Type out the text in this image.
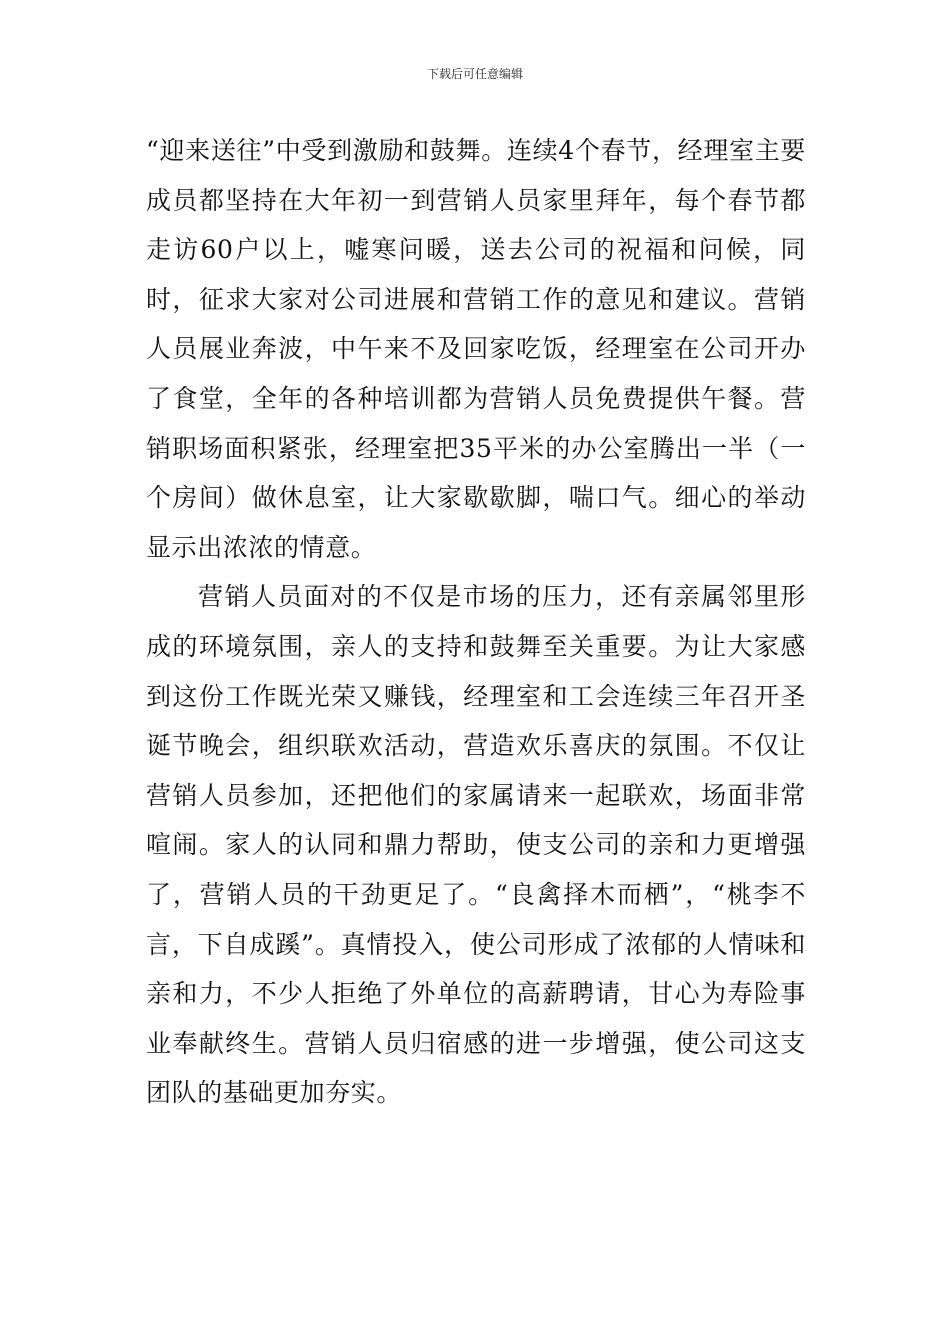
下载后可任意编辑

“迎来送往”中受到激励和鼓舞。连续4个春节，经理室主要成员都坚持在大年初一到营销人员家里拜年，每个春节都走访60户以上，嘘寒问暖，送去公司的祝福和问候，同时，征求大家对公司进展和营销工作的意见和建议。营销人员展业奔波，中午来不及回家吃饭，经理室在公司开办了食堂，全年的各种培训都为营销人员免费提供午餐。营销职场面积紧张，经理室把35平米的办公室腾出一半（一个房间）做休息室，让大家歇歇脚，喘口气。细心的举动显示出浓浓的情意。

营销人员面对的不仅是市场的压力，还有亲属邻里形成的环境氛围，亲人的支持和鼓舞至关重要。为让大家感到这份工作既光荣又赚钱，经理室和工会连续三年召开圣诞节晚会，组织联欢活动，营造欢乐喜庆的氛围。不仅让营销人员参加，还把他们的家属请来一起联欢，场面非常喧闹。家人的认同和鼎力帮助，使支公司的亲和力更增强了，营销人员的干劲更足了。“良禽择木而栖”，“桃李不言，下自成蹊”。真情投入，使公司形成了浓郁的人情味和亲和力，不少人拒绝了外单位的高薪聘请，甘心为寿险事业奉献终生。营销人员归宿感的进一步增强，使公司这支团队的基础更加夯实。
